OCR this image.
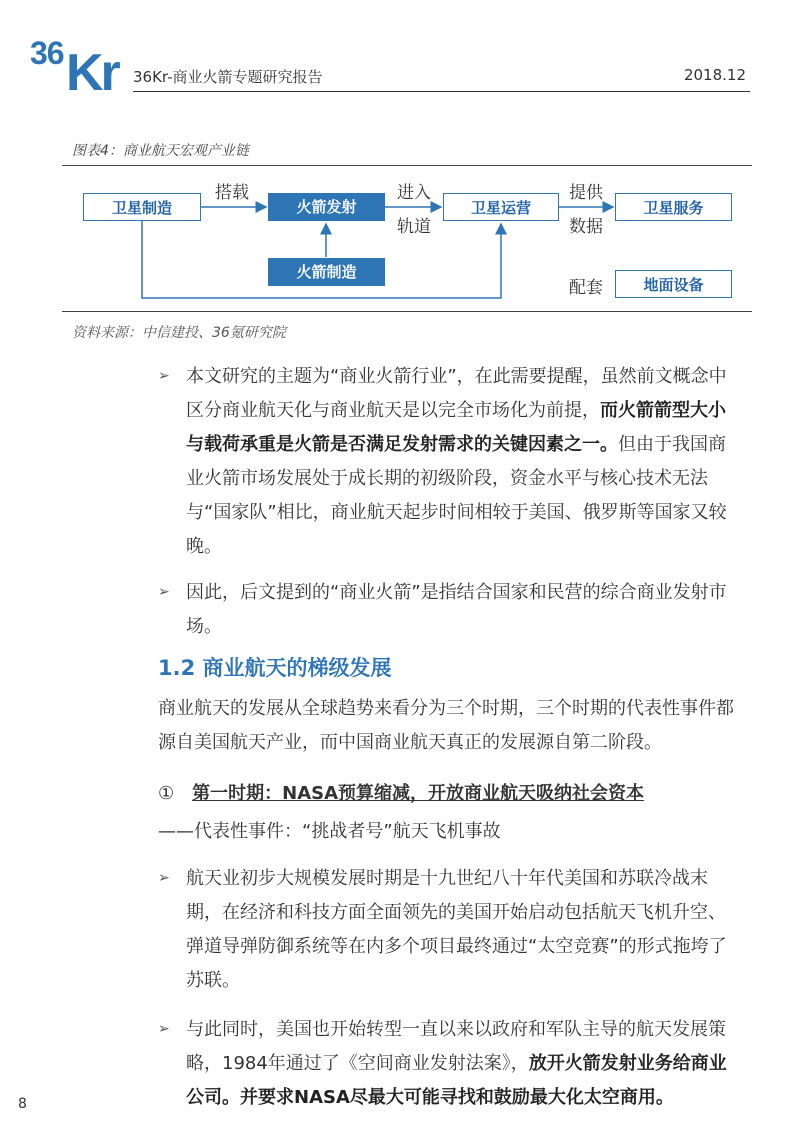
36 Kr 36Kr-商业火箭专题研究报告	2018.12
图表4：商业航天宏观产业链
卫星制造	火箭发射
火箭制造
卫星运营	卫星服务
地面设备
搭载	进入
轨道
提供
数据
配套
资料来源：中信建投、36氪研究院
➢ 本文研究的主题为“商业火箭行业”，在此需要提醒，虽然前文概念中区分商业航天化与商业航天是以完全市场化为前提，而火箭箭型大小与载荷承重是火箭是否满足发射需求的关键因素之一。但由于我国商业火箭市场发展处于成长期的初级阶段，资金水平与核心技术无法与“国家队”相比，商业航天起步时间相较于美国、俄罗斯等国家又较晚。
➢ 因此，后文提到的“商业火箭”是指结合国家和民营的综合商业发射市场。
1.2 商业航天的梯级发展
商业航天的发展从全球趋势来看分为三个时期，三个时期的代表性事件都源自美国航天产业，而中国商业航天真正的发展源自第二阶段。
① 第一时期：NASA预算缩减，开放商业航天吸纳社会资本
——代表性事件：“挑战者号”航天飞机事故
➢ 航天业初步大规模发展时期是十九世纪八十年代美国和苏联冷战末期，在经济和科技方面全面领先的美国开始启动包括航天飞机升空、弹道导弹防御系统等在内多个项目最终通过“太空竞赛”的形式拖垮了苏联。
➢ 与此同时，美国也开始转型一直以来以政府和军队主导的航天发展策略，1984年通过了《空间商业发射法案》，放开火箭发射业务给商业公司。并要求NASA尽最大可能寻找和鼓励最大化太空商用。
8
